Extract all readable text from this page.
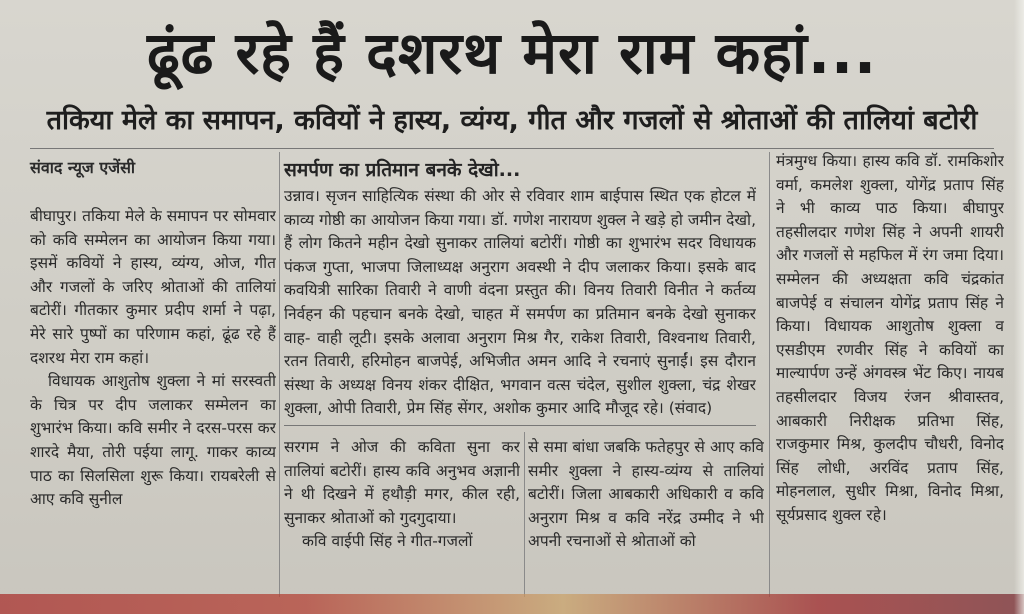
ढूंढ रहे हैं दशरथ मेरा राम कहां...
तकिया मेले का समापन, कवियों ने हास्य, व्यंग्य, गीत और गजलों से श्रोताओं की तालियां बटोरी
संवाद न्यूज एजेंसी

बीघापुर। तकिया मेले के समापन पर सोमवार को कवि सम्मेलन का आयोजन किया गया। इसमें कवियों ने हास्य, व्यंग्य, ओज, गीत और गजलों के जरिए श्रोताओं की तालियां बटोरीं। गीतकार कुमार प्रदीप शर्मा ने पढ़ा, मेरे सारे पुष्पों का परिणाम कहां, ढूंढ रहे हैं दशरथ मेरा राम कहां।

विधायक आशुतोष शुक्ला ने मां सरस्वती के चित्र पर दीप जलाकर सम्मेलन का शुभारंभ किया। कवि समीर ने दरस-परस कर शारदे मैया, तोरी पईया लागू. गाकर काव्य पाठ का सिलसिला शुरू किया। रायबरेली से आए कवि सुनील

समर्पण का प्रतिमान बनके देखो...

उन्नाव। सृजन साहित्यिक संस्था की ओर से रविवार शाम बाईपास स्थित एक होटल में काव्य गोष्ठी का आयोजन किया गया। डॉ. गणेश नारायण शुक्ल ने खड़े हो जमीन देखो, हैं लोग कितने महीन देखो सुनाकर तालियां बटोरीं। गोष्ठी का शुभारंभ सदर विधायक पंकज गुप्ता, भाजपा जिलाध्यक्ष अनुराग अवस्थी ने दीप जलाकर किया। इसके बाद कवयित्री सारिका तिवारी ने वाणी वंदना प्रस्तुत की। विनय तिवारी विनीत ने कर्तव्य निर्वहन की पहचान बनके देखो, चाहत में समर्पण का प्रतिमान बनके देखो सुनाकर वाह- वाही लूटी। इसके अलावा अनुराग मिश्र गैर, राकेश तिवारी, विश्वनाथ तिवारी, रतन तिवारी, हरिमोहन बाजपेई, अभिजीत अमन आदि ने रचनाएं सुनाईं। इस दौरान संस्था के अध्यक्ष विनय शंकर दीक्षित, भगवान वत्स चंदेल, सुशील शुक्ला, चंद्र शेखर शुक्ला, ओपी तिवारी, प्रेम सिंह सेंगर, अशोक कुमार आदि मौजूद रहे। (संवाद)

सरगम ने ओज की कविता सुना कर तालियां बटोरीं। हास्य कवि अनुभव अज्ञानी ने थी दिखने में हथौड़ी मगर, कील रही, सुनाकर श्रोताओं को गुदगुदाया।

कवि वाईपी सिंह ने गीत-गजलों

से समा बांधा जबकि फतेहपुर से आए कवि समीर शुक्ला ने हास्य-व्यंग्य से तालियां बटोरीं। जिला आबकारी अधिकारी व कवि अनुराग मिश्र व कवि नरेंद्र उम्मीद ने भी अपनी रचनाओं से श्रोताओं को

मंत्रमुग्ध किया। हास्य कवि डॉ. रामकिशोर वर्मा, कमलेश शुक्ला, योगेंद्र प्रताप सिंह ने भी काव्य पाठ किया। बीघापुर तहसीलदार गणेश सिंह ने अपनी शायरी और गजलों से महफिल में रंग जमा दिया। सम्मेलन की अध्यक्षता कवि चंद्रकांत बाजपेई व संचालन योगेंद्र प्रताप सिंह ने किया। विधायक आशुतोष शुक्ला व एसडीएम रणवीर सिंह ने कवियों का माल्यार्पण उन्हें अंगवस्त्र भेंट किए। नायब तहसीलदार विजय रंजन श्रीवास्तव, आबकारी निरीक्षक प्रतिभा सिंह, राजकुमार मिश्र, कुलदीप चौधरी, विनोद सिंह लोधी, अरविंद प्रताप सिंह, मोहनलाल, सुधीर मिश्रा, विनोद मिश्रा, सूर्यप्रसाद शुक्ल रहे।
